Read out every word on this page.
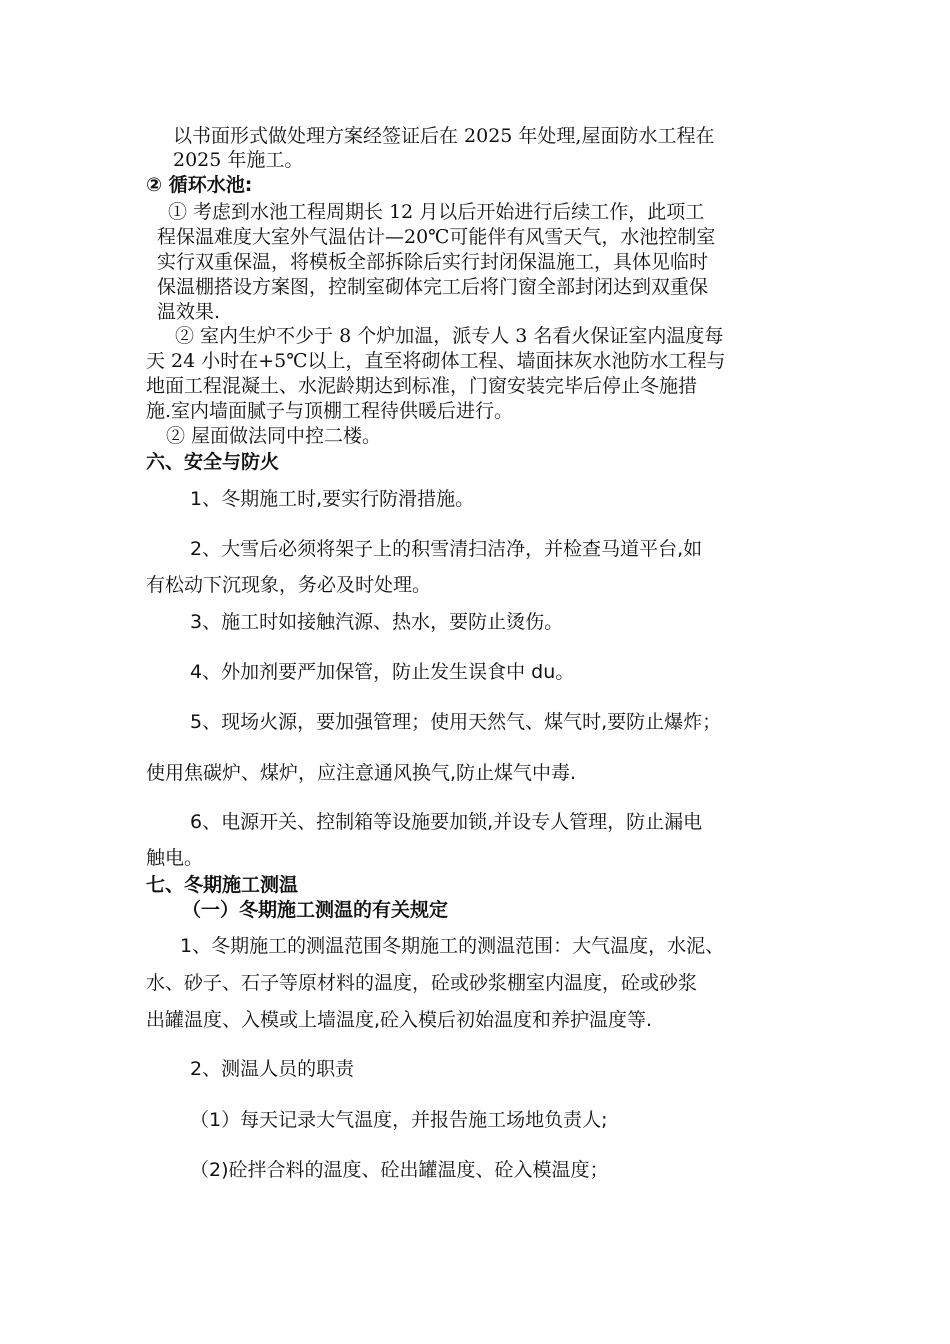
以书面形式做处理方案经签证后在 2025 年处理,屋面防水工程在
2025 年施工。
② 循环水池:
① 考虑到水池工程周期长 12 月以后开始进行后续工作，此项工
程保温难度大室外气温估计—20℃可能伴有风雪天气，水池控制室
实行双重保温，将模板全部拆除后实行封闭保温施工，具体见临时
保温棚搭设方案图，控制室砌体完工后将门窗全部封闭达到双重保
温效果.
② 室内生炉不少于 8 个炉加温，派专人 3 名看火保证室内温度每
天 24 小时在+5℃以上，直至将砌体工程、墙面抹灰水池防水工程与
地面工程混凝土、水泥龄期达到标准，门窗安装完毕后停止冬施措
施.室内墙面腻子与顶棚工程待供暖后进行。
② 屋面做法同中控二楼。
六、安全与防火
1、冬期施工时,要实行防滑措施。
2、大雪后必须将架子上的积雪清扫洁净，并检查马道平台,如
有松动下沉现象，务必及时处理。
3、施工时如接触汽源、热水，要防止烫伤。
4、外加剂要严加保管，防止发生误食中 du。
5、现场火源，要加强管理；使用天然气、煤气时,要防止爆炸；
使用焦碳炉、煤炉，应注意通风换气,防止煤气中毒.
6、电源开关、控制箱等设施要加锁,并设专人管理，防止漏电
触电。
七、冬期施工测温
（一）冬期施工测温的有关规定
1、冬期施工的测温范围冬期施工的测温范围：大气温度，水泥、
水、砂子、石子等原材料的温度，砼或砂浆棚室内温度，砼或砂浆
出罐温度、入模或上墙温度,砼入模后初始温度和养护温度等.
2、测温人员的职责
（1）每天记录大气温度，并报告施工场地负责人;
（2)砼拌合料的温度、砼出罐温度、砼入模温度；
